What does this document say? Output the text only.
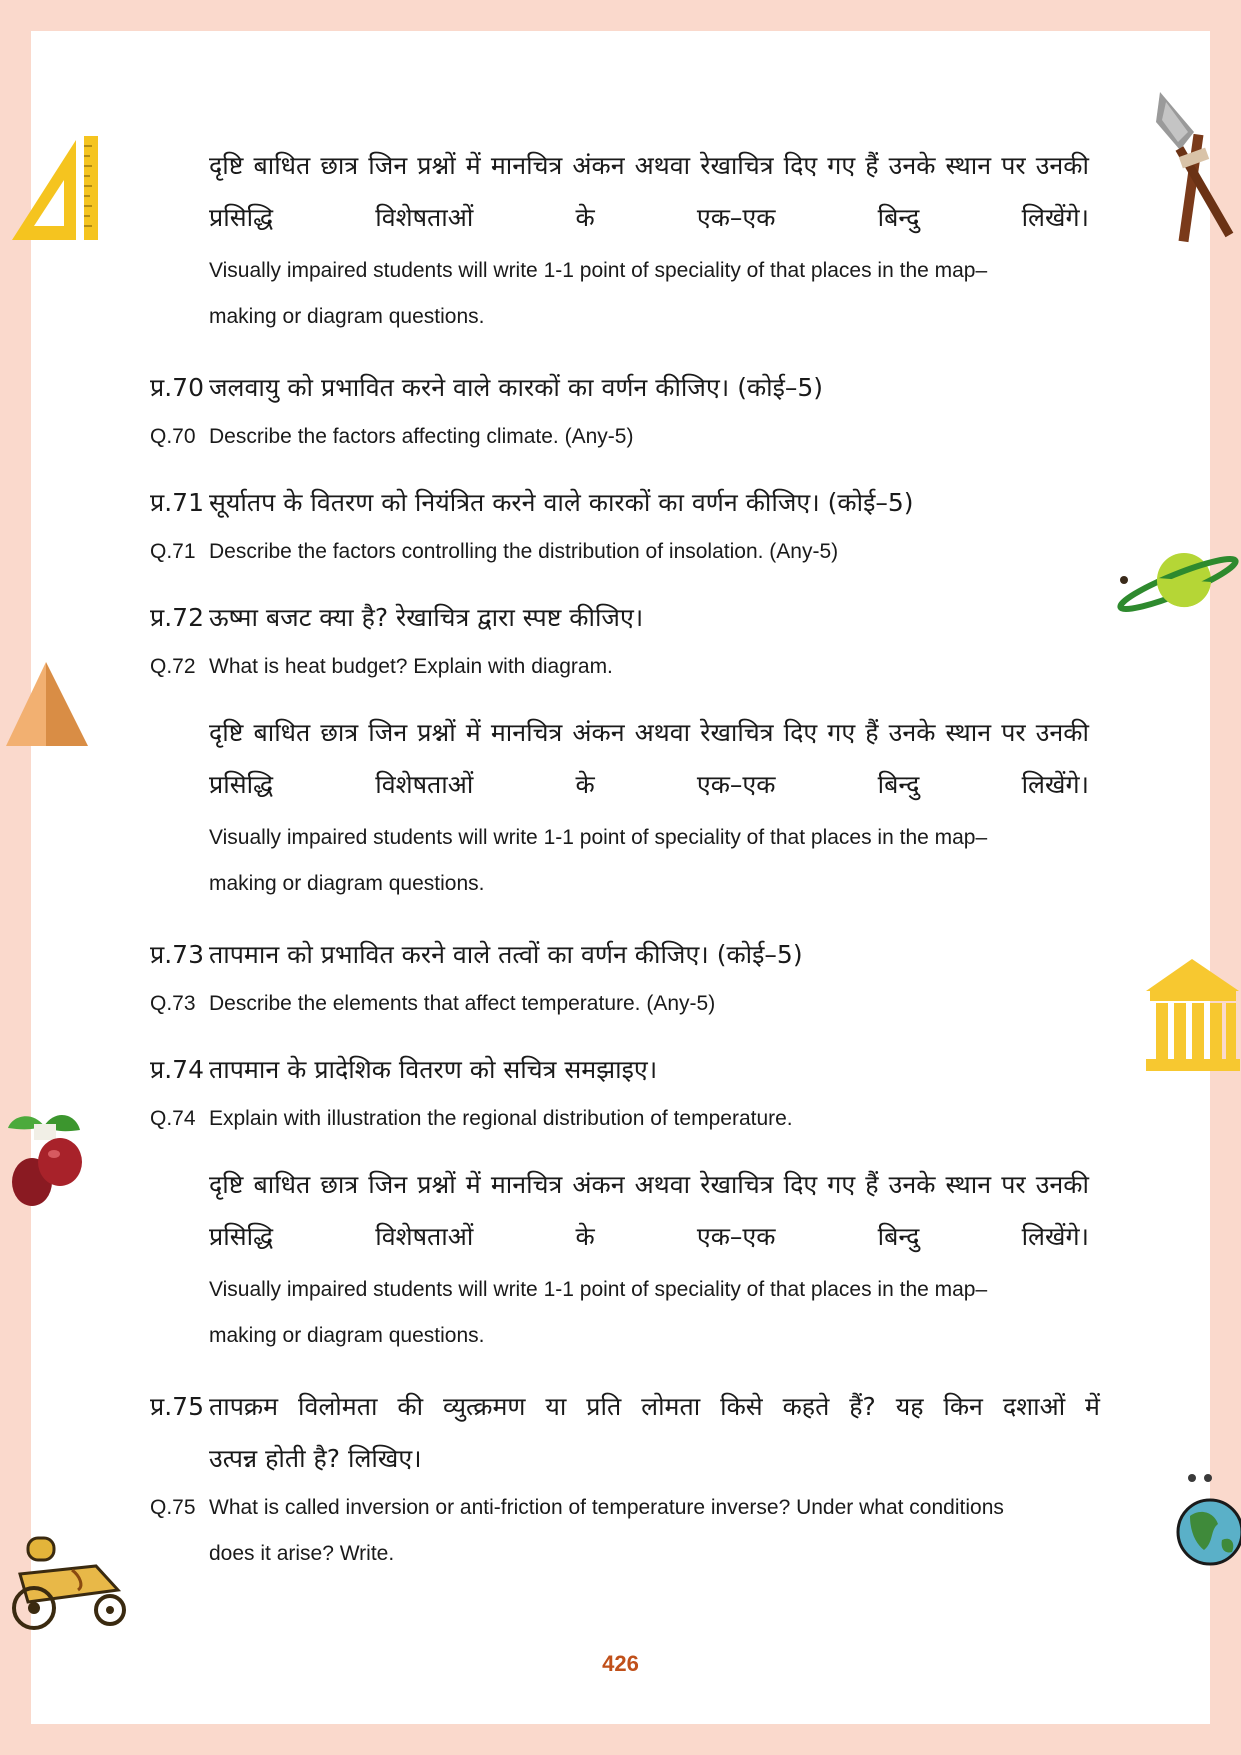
दृष्टि बाधित छात्र जिन प्रश्नों में मानचित्र अंकन अथवा रेखाचित्र दिए गए हैं उनके स्थान पर उनकी प्रसिद्धि विशेषताओं के एक–एक बिन्दु लिखेंगे।

Visually impaired students will write 1-1 point of speciality of that places in the map–

making or diagram questions.

प्र.70 जलवायु को प्रभावित करने वाले कारकों का वर्णन कीजिए। (कोई–5)
Q.70 Describe the factors affecting climate. (Any-5)
प्र.71 सूर्यातप के वितरण को नियंत्रित करने वाले कारकों का वर्णन कीजिए। (कोई–5)
Q.71 Describe the factors controlling the distribution of insolation. (Any-5)
प्र.72 ऊष्मा बजट क्या है? रेखाचित्र द्वारा स्पष्ट कीजिए।
Q.72 What is heat budget? Explain with diagram.

दृष्टि बाधित छात्र जिन प्रश्नों में मानचित्र अंकन अथवा रेखाचित्र दिए गए हैं उनके स्थान पर उनकी प्रसिद्धि विशेषताओं के एक–एक बिन्दु लिखेंगे।

Visually impaired students will write 1-1 point of speciality of that places in the map–

making or diagram questions.

प्र.73 तापमान को प्रभावित करने वाले तत्वों का वर्णन कीजिए। (कोई–5)
Q.73 Describe the elements that affect temperature. (Any-5)
प्र.74 तापमान के प्रादेशिक वितरण को सचित्र समझाइए।
Q.74 Explain with illustration the regional distribution of temperature.

दृष्टि बाधित छात्र जिन प्रश्नों में मानचित्र अंकन अथवा रेखाचित्र दिए गए हैं उनके स्थान पर उनकी प्रसिद्धि विशेषताओं के एक–एक बिन्दु लिखेंगे।

Visually impaired students will write 1-1 point of speciality of that places in the map–

making or diagram questions.

प्र.75 तापक्रम विलोमता की व्युत्क्रमण या प्रति लोमता किसे कहते हैं? यह किन दशाओं में
उत्पन्न होती है? लिखिए।
Q.75 What is called inversion or anti-friction of temperature inverse? Under what conditions
does it arise? Write.
426
